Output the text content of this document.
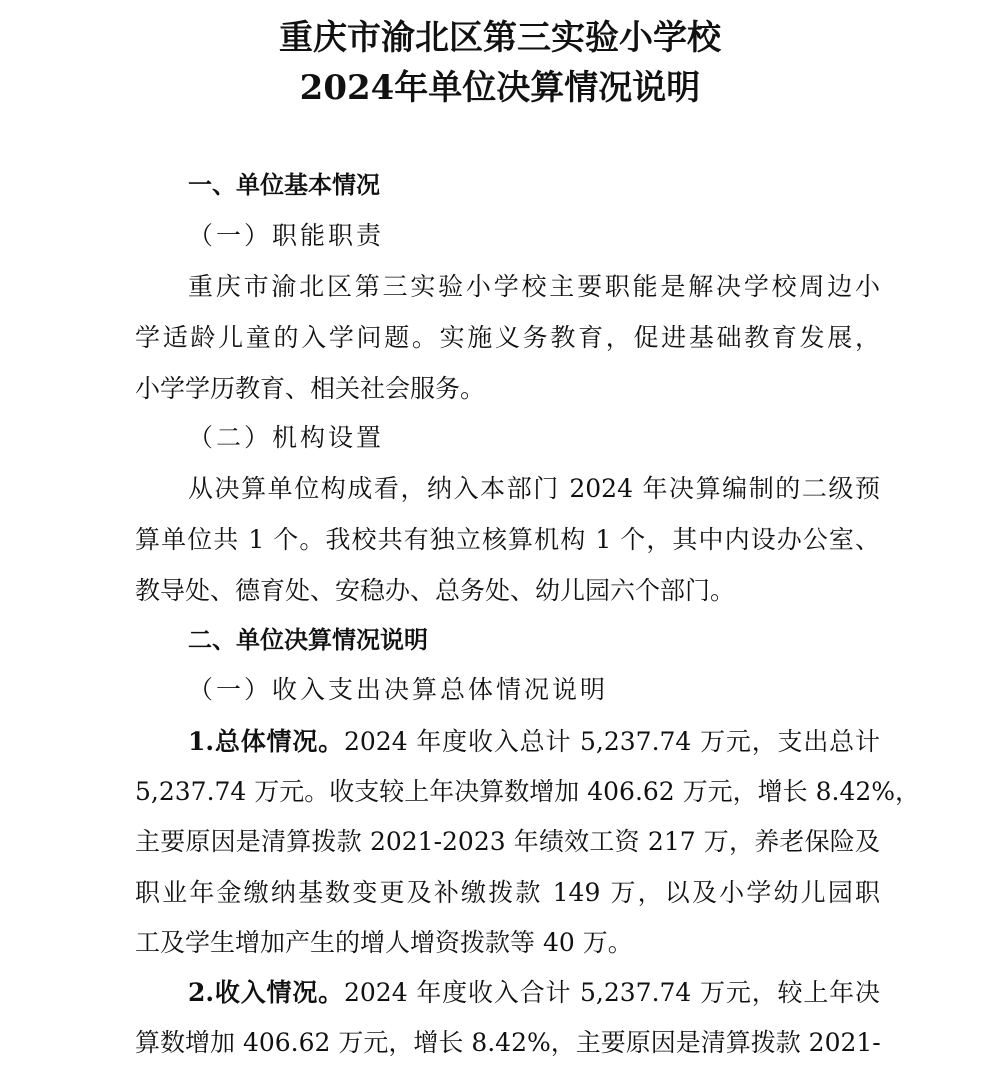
重庆市渝北区第三实验小学校
2024年单位决算情况说明
一、单位基本情况
（一）职能职责
重庆市渝北区第三实验小学校主要职能是解决学校周边小
学适龄儿童的入学问题。实施义务教育，促进基础教育发展，
小学学历教育、相关社会服务。
（二）机构设置
从决算单位构成看，纳入本部门 2024 年决算编制的二级预
算单位共 1 个。我校共有独立核算机构 1 个，其中内设办公室、
教导处、德育处、安稳办、总务处、幼儿园六个部门。
二、单位决算情况说明
（一）收入支出决算总体情况说明
1.总体情况。2024 年度收入总计 5,237.74 万元，支出总计
5,237.74 万元。收支较上年决算数增加 406.62 万元，增长 8.42%，
主要原因是清算拨款 2021-2023 年绩效工资 217 万，养老保险及
职业年金缴纳基数变更及补缴拨款 149 万，以及小学幼儿园职
工及学生增加产生的增人增资拨款等 40 万。
2.收入情况。2024 年度收入合计 5,237.74 万元，较上年决
算数增加 406.62 万元，增长 8.42%，主要原因是清算拨款 2021-
